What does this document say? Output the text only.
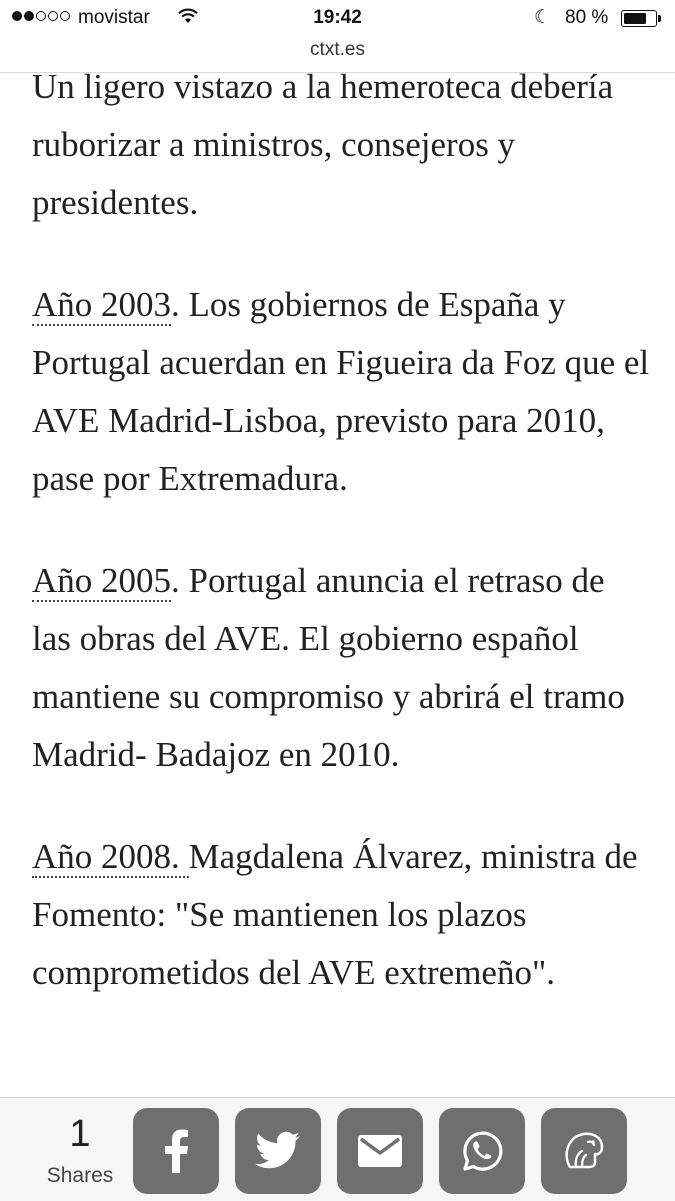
movistar	19:42	☾ 80 %
ctxt.es

Un ligero vistazo a la hemeroteca debería ruborizar a ministros, consejeros y presidentes.

Año 2003. Los gobiernos de España y Portugal acuerdan en Figueira da Foz que el AVE Madrid-Lisboa, previsto para 2010, pase por Extremadura.

Año 2005. Portugal anuncia el retraso de las obras del AVE. El gobierno español mantiene su compromiso y abrirá el tramo Madrid- Badajoz en 2010.

Año 2008. Magdalena Álvarez, ministra de Fomento: "Se mantienen los plazos comprometidos del AVE extremeño".

1
Shares
